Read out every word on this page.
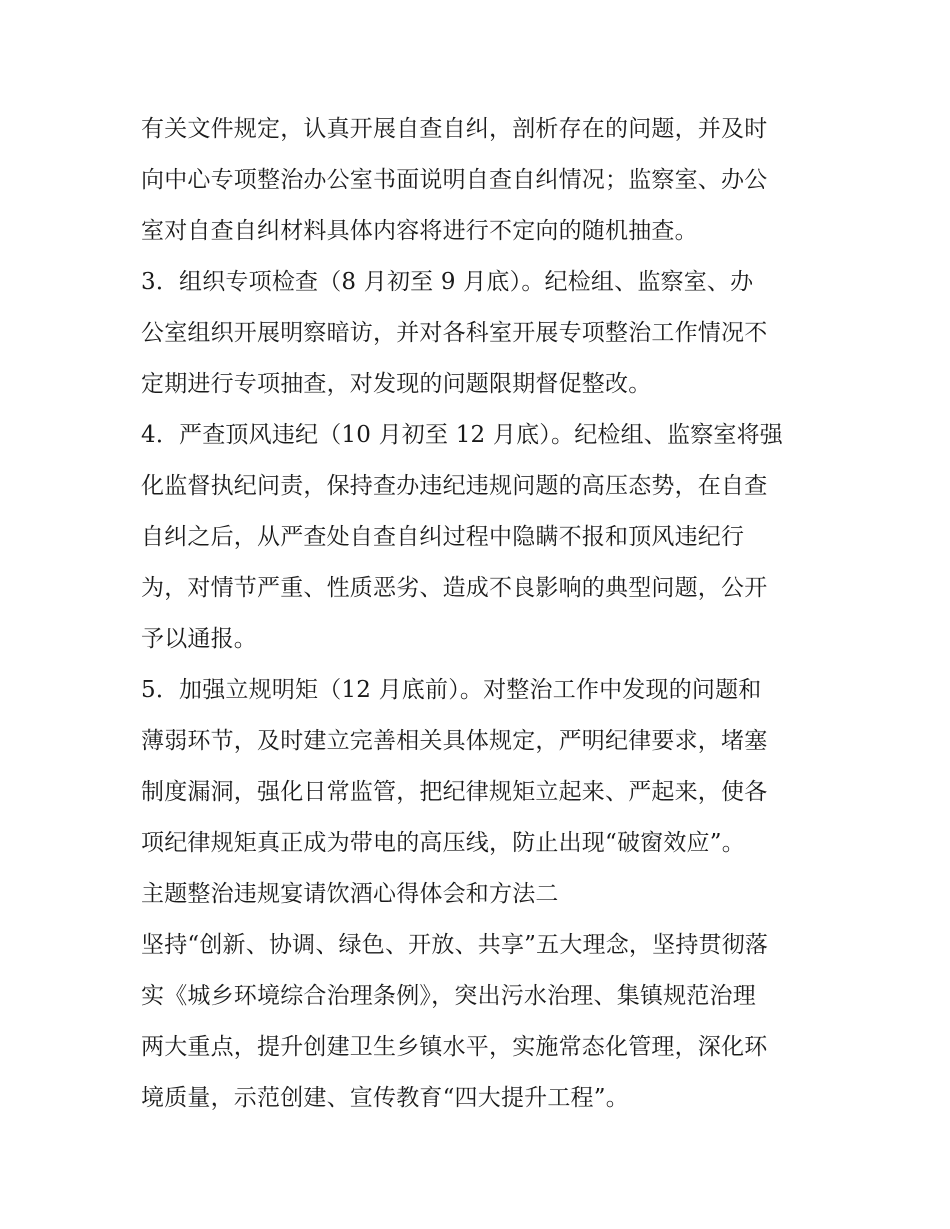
有关文件规定，认真开展自查自纠，剖析存在的问题，并及时
向中心专项整治办公室书面说明自查自纠情况；监察室、办公
室对自查自纠材料具体内容将进行不定向的随机抽查。
3．组织专项检查（8 月初至 9 月底）。纪检组、监察室、办
公室组织开展明察暗访，并对各科室开展专项整治工作情况不
定期进行专项抽查，对发现的问题限期督促整改。
4．严查顶风违纪（10 月初至 12 月底）。纪检组、监察室将强
化监督执纪问责，保持查办违纪违规问题的高压态势，在自查
自纠之后，从严查处自查自纠过程中隐瞒不报和顶风违纪行
为，对情节严重、性质恶劣、造成不良影响的典型问题，公开
予以通报。
5．加强立规明矩（12 月底前）。对整治工作中发现的问题和
薄弱环节，及时建立完善相关具体规定，严明纪律要求，堵塞
制度漏洞，强化日常监管，把纪律规矩立起来、严起来，使各
项纪律规矩真正成为带电的高压线，防止出现“破窗效应”。
主题整治违规宴请饮酒心得体会和方法二
坚持“创新、协调、绿色、开放、共享”五大理念，坚持贯彻落
实《城乡环境综合治理条例》，突出污水治理、集镇规范治理
两大重点，提升创建卫生乡镇水平，实施常态化管理，深化环
境质量，示范创建、宣传教育“四大提升工程”。
